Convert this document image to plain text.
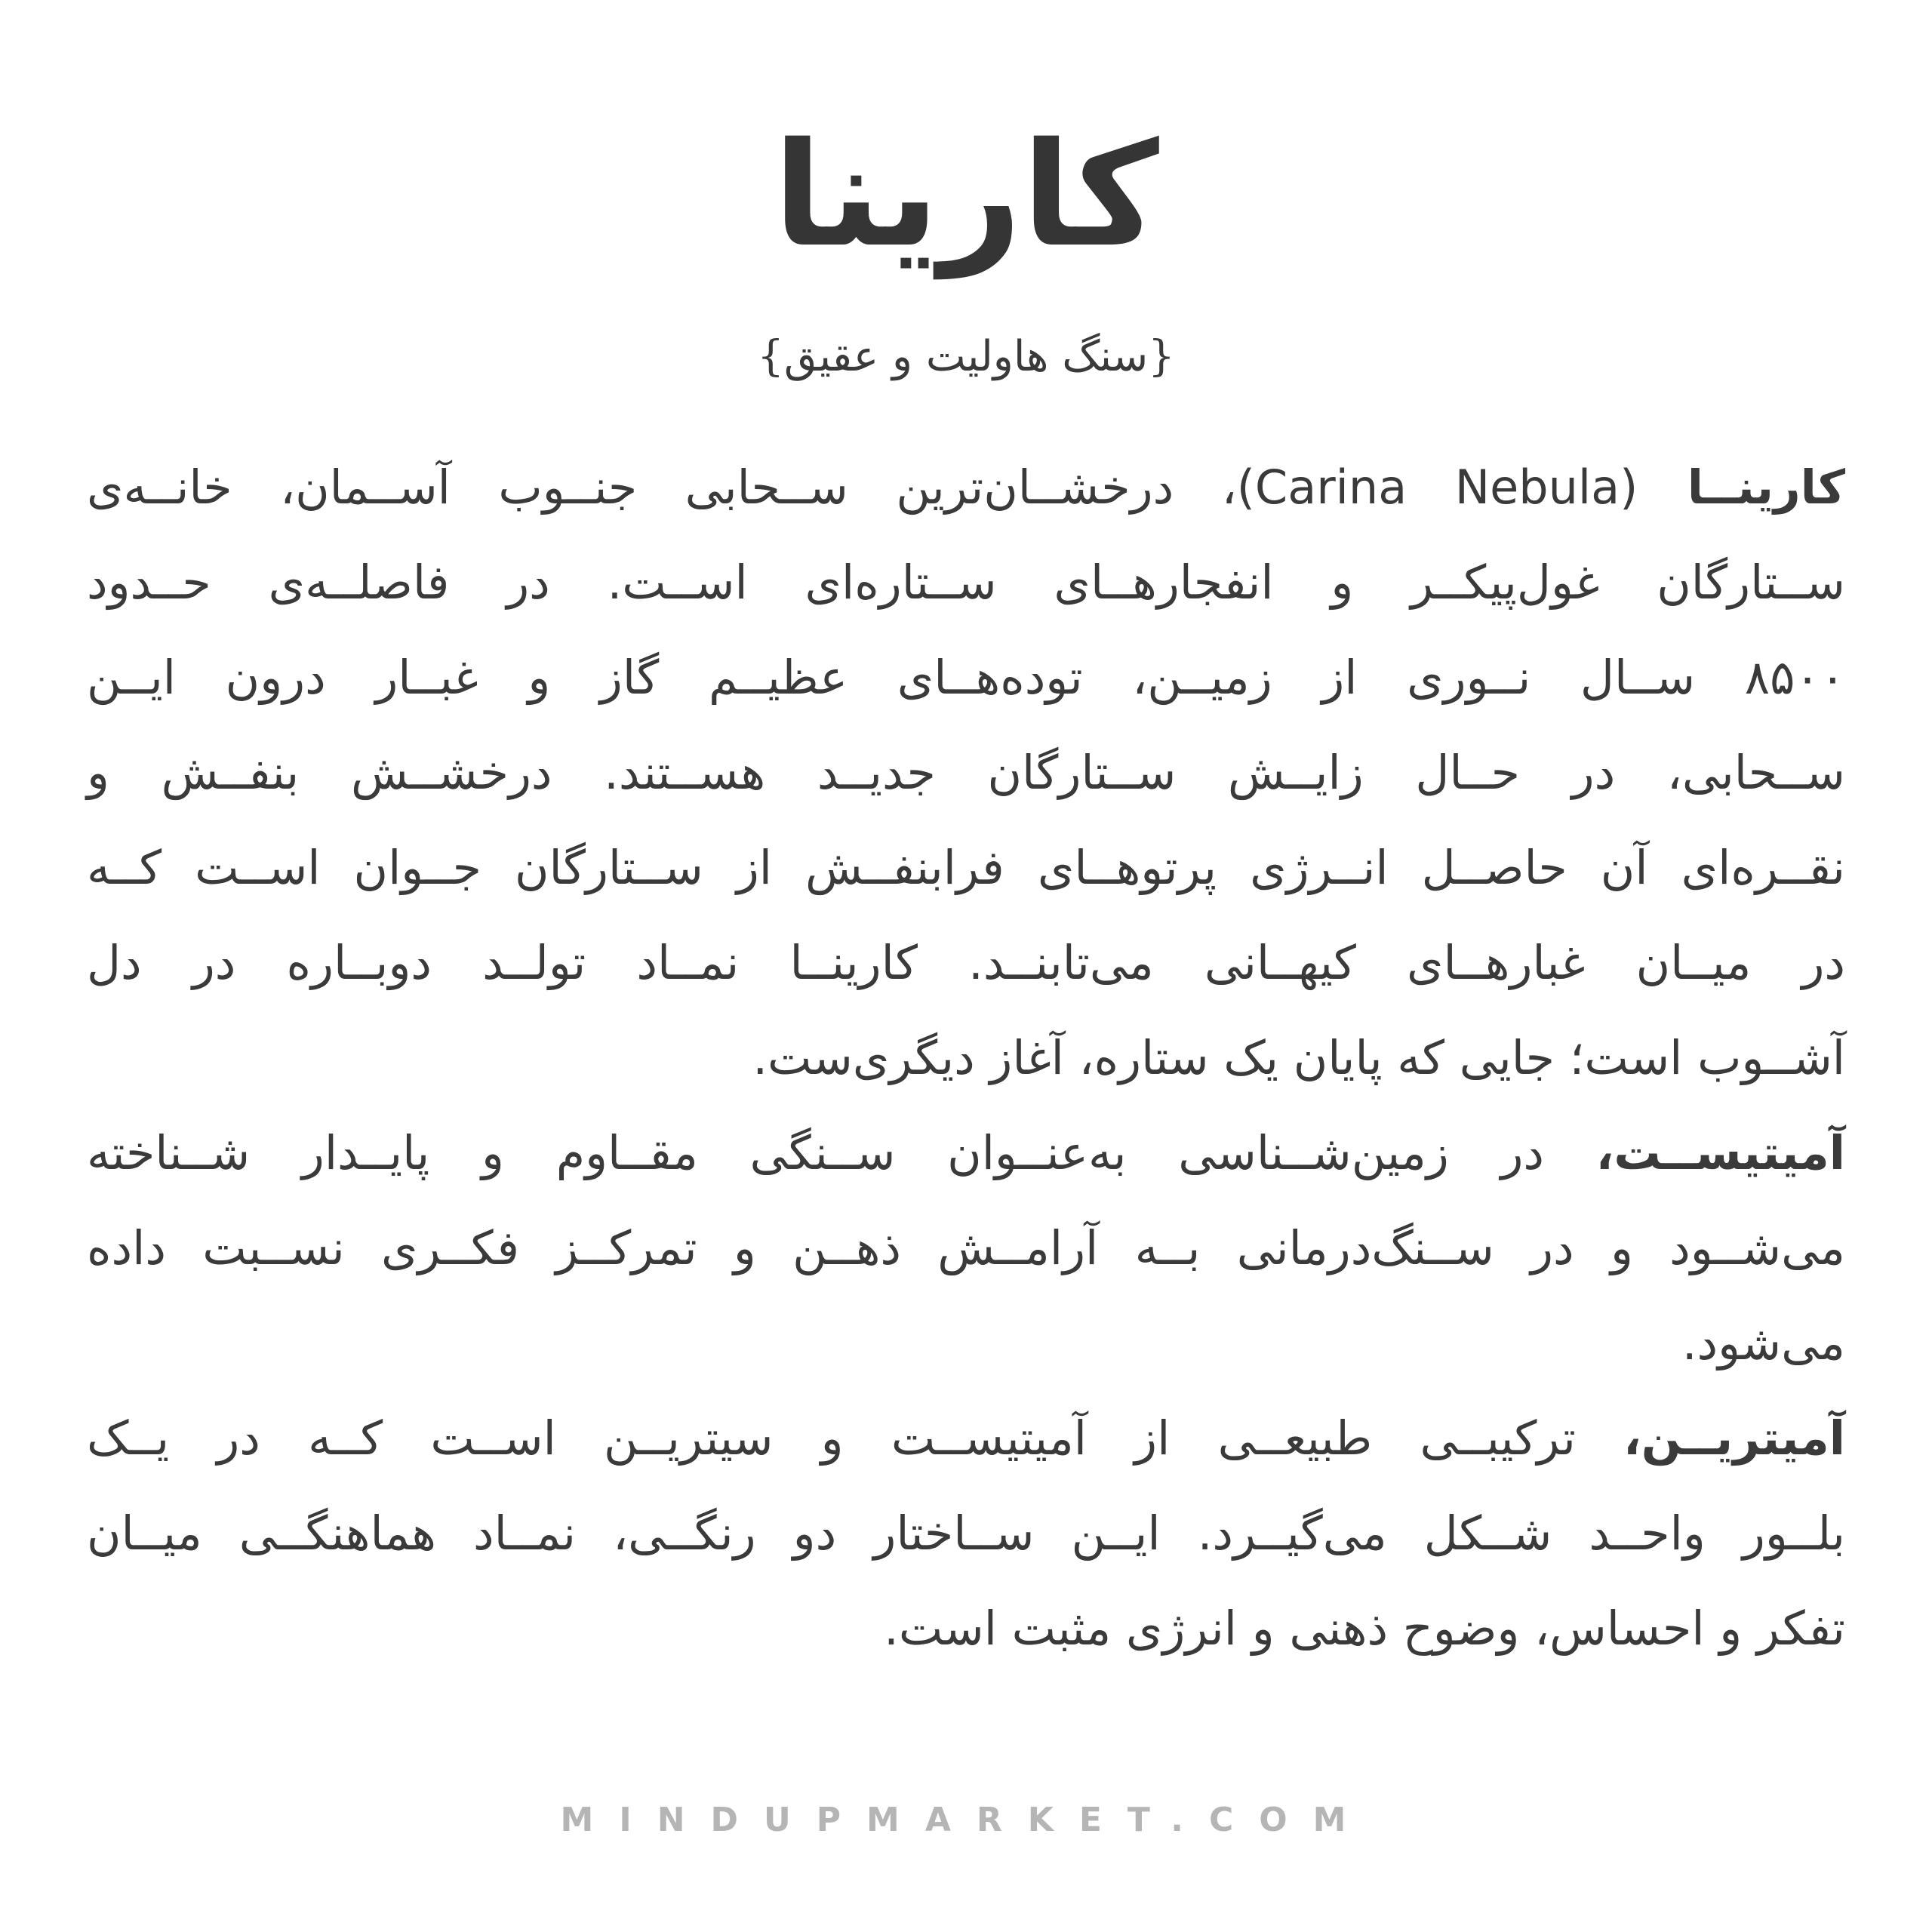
کارینا
{سنگ هاولیت و عقیق}
کارینــا (Carina Nebula)، درخشــان‌ترین ســحابی جنــوب آســمان، خانــه‌ی
ســتارگان غول‌پیکــر و انفجارهــای ســتاره‌ای اســت. در فاصلــه‌ی حــدود
۸۵۰۰ ســال نــوری از زمیــن، توده‌هــای عظیــم گاز و غبــار درون ایــن
ســحابی، در حــال زایــش ســتارگان جدیــد هســتند. درخشــش بنفــش و
نقــره‌ای آن حاصــل انــرژی پرتوهــای فرابنفــش از ســتارگان جــوان اســت کــه
در میــان غبارهــای کیهــانی می‌تابنــد. کارینــا نمــاد تولــد دوبــاره در دل
آشــوب است؛ جایی که پایان یک ستاره، آغاز دیگری‌ست.
آمیتیســت، در زمین‌شــناسی به‌عنــوان ســنگی مقــاوم و پایــدار شــناخته
می‌شــود و در ســنگ‌درمانی بــه آرامــش ذهــن و تمرکــز فکــری نســبت داده
می‌شود.
آمیتریــن، ترکیبــی طبیعــی از آمیتیســت و سیتریــن اســت کــه در یــک
بلــور واحــد شــکل می‌گیــرد. ایــن ســاختار دو رنگــی، نمــاد هماهنگــی میــان
تفکر و احساس، وضوح ذهنی و انرژی مثبت است.
MINDUPMARKET.COM
